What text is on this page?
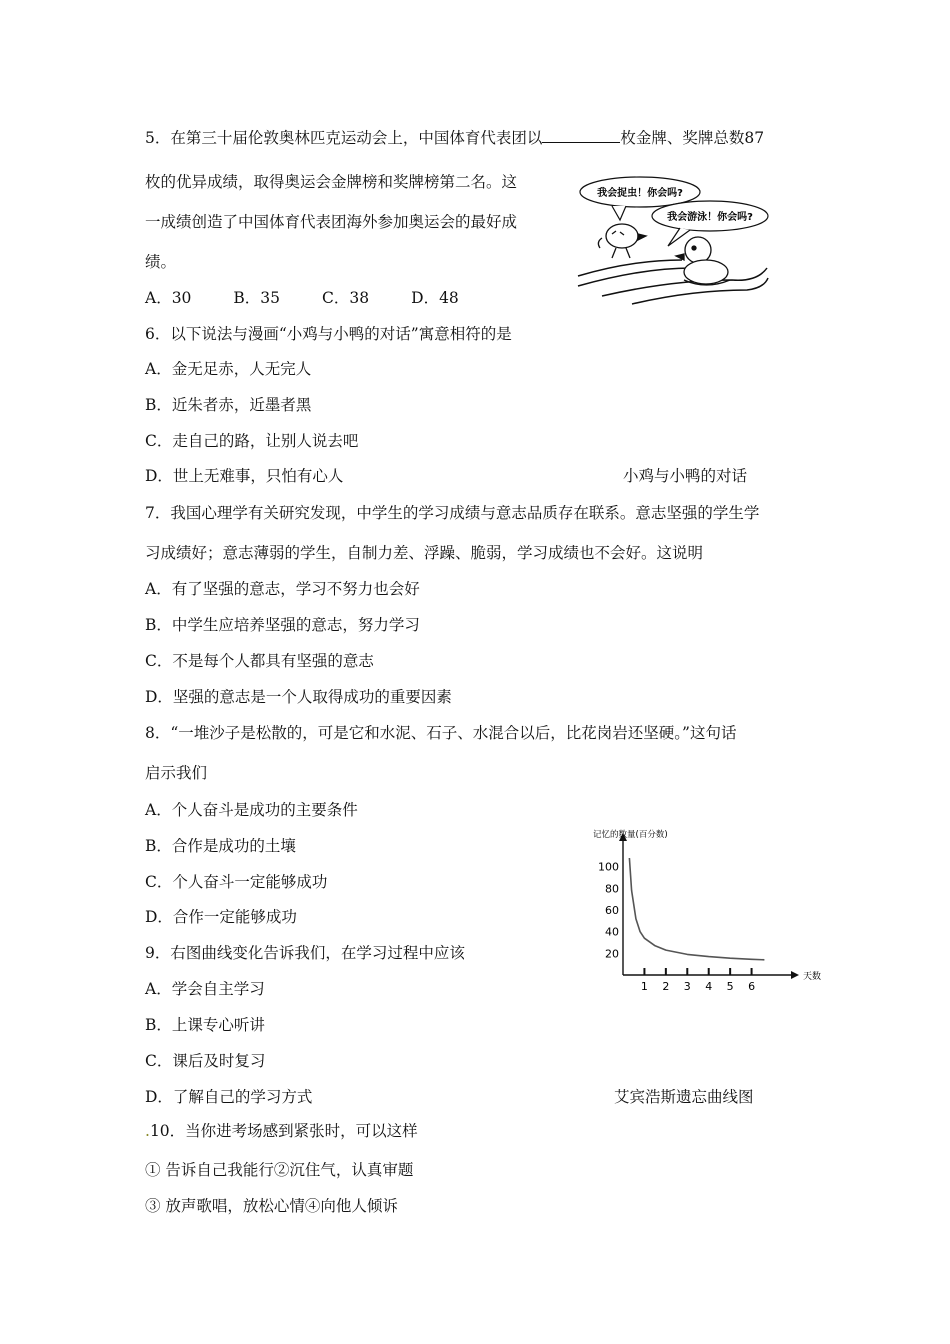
5．在第三十届伦敦奥林匹克运动会上，中国体育代表团以	枚金牌、奖牌总数87
枚的优异成绩，取得奥运会金牌榜和奖牌榜第二名。这
一成绩创造了中国体育代表团海外参加奥运会的最好成
绩。
A．30	B．35	C．38	D．48
我会捉虫！你会吗?
我会游泳！你会吗?
小鸡与小鸭的对话
6．以下说法与漫画“小鸡与小鸭的对话”寓意相符的是
A．金无足赤，人无完人
B．近朱者赤，近墨者黑
C．走自己的路，让别人说去吧
D．世上无难事，只怕有心人
7．我国心理学有关研究发现，中学生的学习成绩与意志品质存在联系。意志坚强的学生学
习成绩好；意志薄弱的学生，自制力差、浮躁、脆弱，学习成绩也不会好。这说明
A．有了坚强的意志，学习不努力也会好
B．中学生应培养坚强的意志，努力学习
C．不是每个人都具有坚强的意志
D．坚强的意志是一个人取得成功的重要因素
8．“一堆沙子是松散的，可是它和水泥、石子、水混合以后，比花岗岩还坚硬。”这句话
启示我们
A．个人奋斗是成功的主要条件
B．合作是成功的土壤
C．个人奋斗一定能够成功
D．合作一定能够成功
9．右图曲线变化告诉我们，在学习过程中应该
A．学会自主学习
B．上课专心听讲
C．课后及时复习
D．了解自己的学习方式
记忆的数量(百分数)
天数
20
40
60
80
100
1 2 3 4 5 6
艾宾浩斯遗忘曲线图
.10．当你进考场感到紧张时，可以这样
① 告诉自己我能行②沉住气，认真审题
③ 放声歌唱，放松心情④向他人倾诉
